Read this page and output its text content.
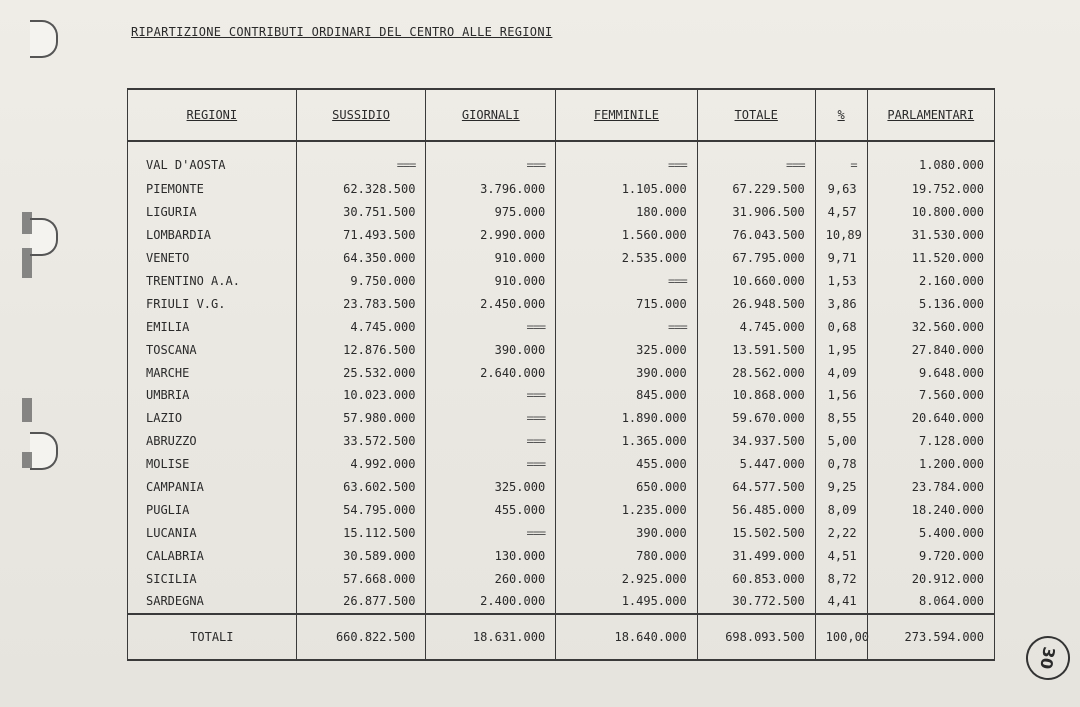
RIPARTIZIONE CONTRIBUTI ORDINARI DEL CENTRO ALLE REGIONI
REGIONI	SUSSIDIO	GIORNALI	FEMMINILE	TOTALE	%	PARLAMENTARI
VAL D'AOSTA	===	===	===	===	=	1.080.000
PIEMONTE	62.328.500	3.796.000	1.105.000	67.229.500	9,63	19.752.000
LIGURIA	30.751.500	975.000	180.000	31.906.500	4,57	10.800.000
LOMBARDIA	71.493.500	2.990.000	1.560.000	76.043.500	10,89	31.530.000
VENETO	64.350.000	910.000	2.535.000	67.795.000	9,71	11.520.000
TRENTINO A.A.	9.750.000	910.000	===	10.660.000	1,53	2.160.000
FRIULI V.G.	23.783.500	2.450.000	715.000	26.948.500	3,86	5.136.000
EMILIA	4.745.000	===	===	4.745.000	0,68	32.560.000
TOSCANA	12.876.500	390.000	325.000	13.591.500	1,95	27.840.000
MARCHE	25.532.000	2.640.000	390.000	28.562.000	4,09	9.648.000
UMBRIA	10.023.000	===	845.000	10.868.000	1,56	7.560.000
LAZIO	57.980.000	===	1.890.000	59.670.000	8,55	20.640.000
ABRUZZO	33.572.500	===	1.365.000	34.937.500	5,00	7.128.000
MOLISE	4.992.000	===	455.000	5.447.000	0,78	1.200.000
CAMPANIA	63.602.500	325.000	650.000	64.577.500	9,25	23.784.000
PUGLIA	54.795.000	455.000	1.235.000	56.485.000	8,09	18.240.000
LUCANIA	15.112.500	===	390.000	15.502.500	2,22	5.400.000
CALABRIA	30.589.000	130.000	780.000	31.499.000	4,51	9.720.000
SICILIA	57.668.000	260.000	2.925.000	60.853.000	8,72	20.912.000
SARDEGNA	26.877.500	2.400.000	1.495.000	30.772.500	4,41	8.064.000
TOTALI	660.822.500	18.631.000	18.640.000	698.093.500	100,00	273.594.000
30
